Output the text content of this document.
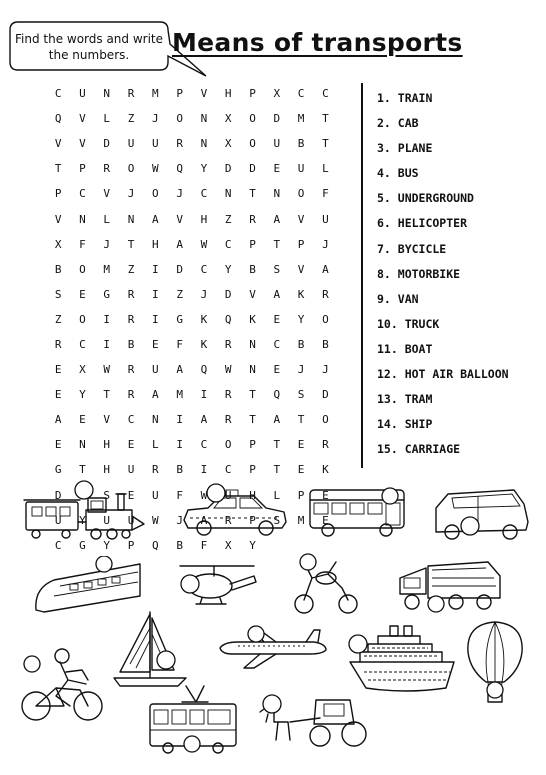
Find the words and write the numbers.	Means of transports
C	U	N	R	M	P	V	H	P	X	C	C
Q	V	L	Z	J	O	N	X	O	D	M	T
V	V	D	U	U	R	N	X	O	U	B	T
T	P	R	O	W	Q	Y	D	D	E	U	L
P	C	V	J	O	J	C	N	T	N	O	F
V	N	L	N	A	V	H	Z	R	A	V	U
X	F	J	T	H	A	W	C	P	T	P	J
B	O	M	Z	I	D	C	Y	B	S	V	A
S	E	G	R	I	Z	J	D	V	A	K	R
Z	O	I	R	I	G	K	Q	K	E	Y	O
R	C	I	B	E	F	K	R	N	C	B	B
E	X	W	R	U	A	Q	W	N	E	J	J
E	Y	T	R	A	M	I	R	T	Q	S	D
A	E	V	C	N	I	A	R	T	A	T	O
E	N	H	E	L	I	C	O	P	T	E	R
G	T	H	U	R	B	I	C	P	T	E	K
D	S	E	U	F	W	U	H	L	P	E
U	Y	U	U	W	J	A	R	P	S	M	E
C	G	Y	P	Q	B	F	X	Y
1. TRAIN
2. CAB
3. PLANE
4. BUS
5. UNDERGROUND
6. HELICOPTER
7. BYCICLE
8. MOTORBIKE
9. VAN
10. TRUCK
11. BOAT
12. HOT AIR BALLOON
13. TRAM
14. SHIP
15. CARRIAGE
